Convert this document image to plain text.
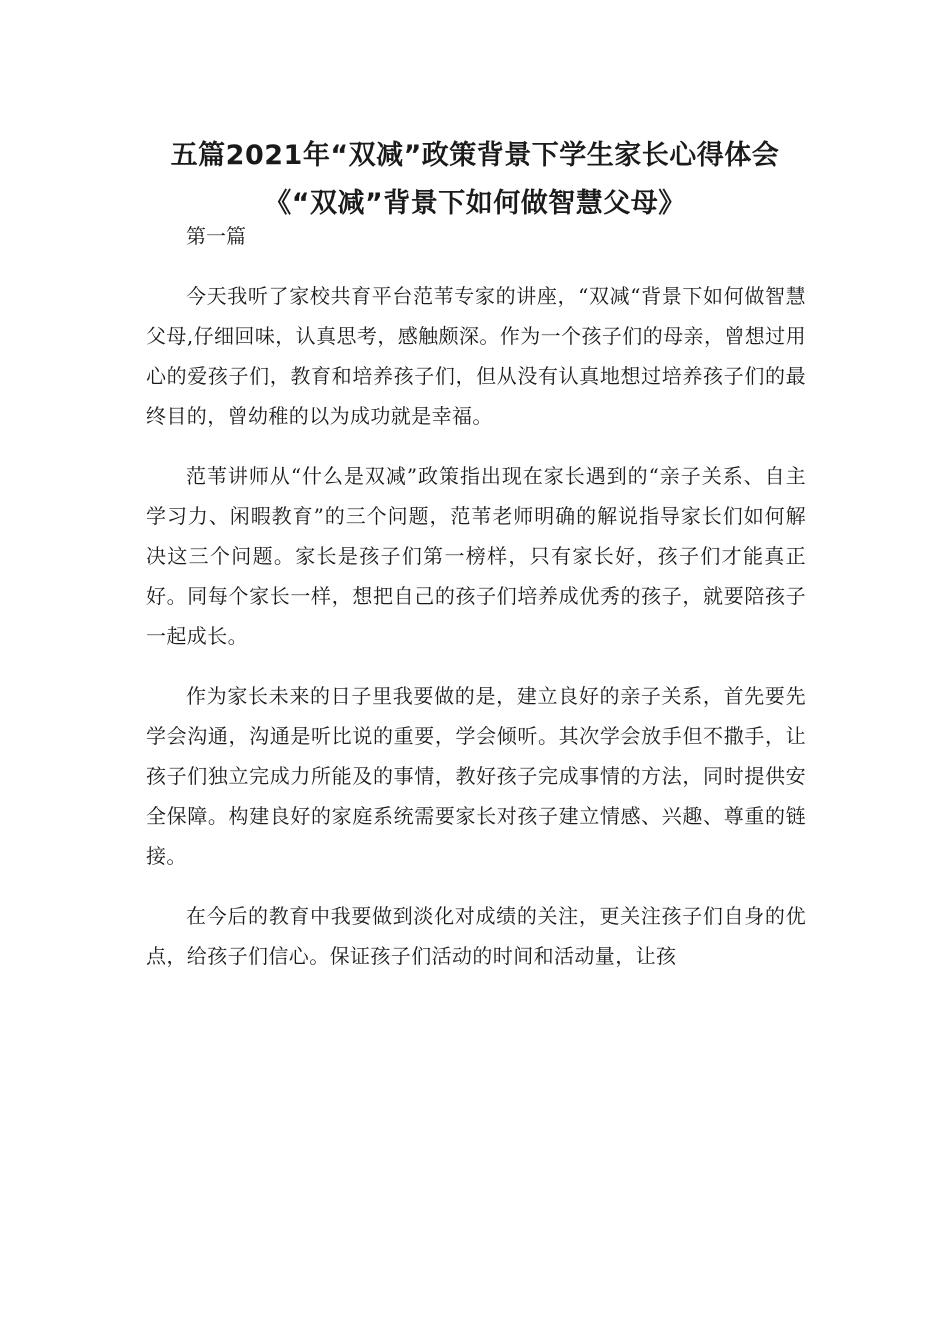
五篇2021年“双减”政策背景下学生家长心得体会
《“双减”背景下如何做智慧父母》
第一篇

今天我听了家校共育平台范苇专家的讲座，“双减“背景下如何做智慧父母,仔细回味，认真思考，感触颇深。作为一个孩子们的母亲，曾想过用心的爱孩子们，教育和培养孩子们，但从没有认真地想过培养孩子们的最终目的，曾幼稚的以为成功就是幸福。

范苇讲师从“什么是双减”政策指出现在家长遇到的“亲子关系、自主学习力、闲暇教育”的三个问题，范苇老师明确的解说指导家长们如何解决这三个问题。家长是孩子们第一榜样，只有家长好，孩子们才能真正好。同每个家长一样，想把自己的孩子们培养成优秀的孩子，就要陪孩子一起成长。

作为家长未来的日子里我要做的是，建立良好的亲子关系，首先要先学会沟通，沟通是听比说的重要，学会倾听。其次学会放手但不撒手，让孩子们独立完成力所能及的事情，教好孩子完成事情的方法，同时提供安全保障。构建良好的家庭系统需要家长对孩子建立情感、兴趣、尊重的链接。

在今后的教育中我要做到淡化对成绩的关注，更关注孩子们自身的优点，给孩子们信心。保证孩子们活动的时间和活动量，让孩
